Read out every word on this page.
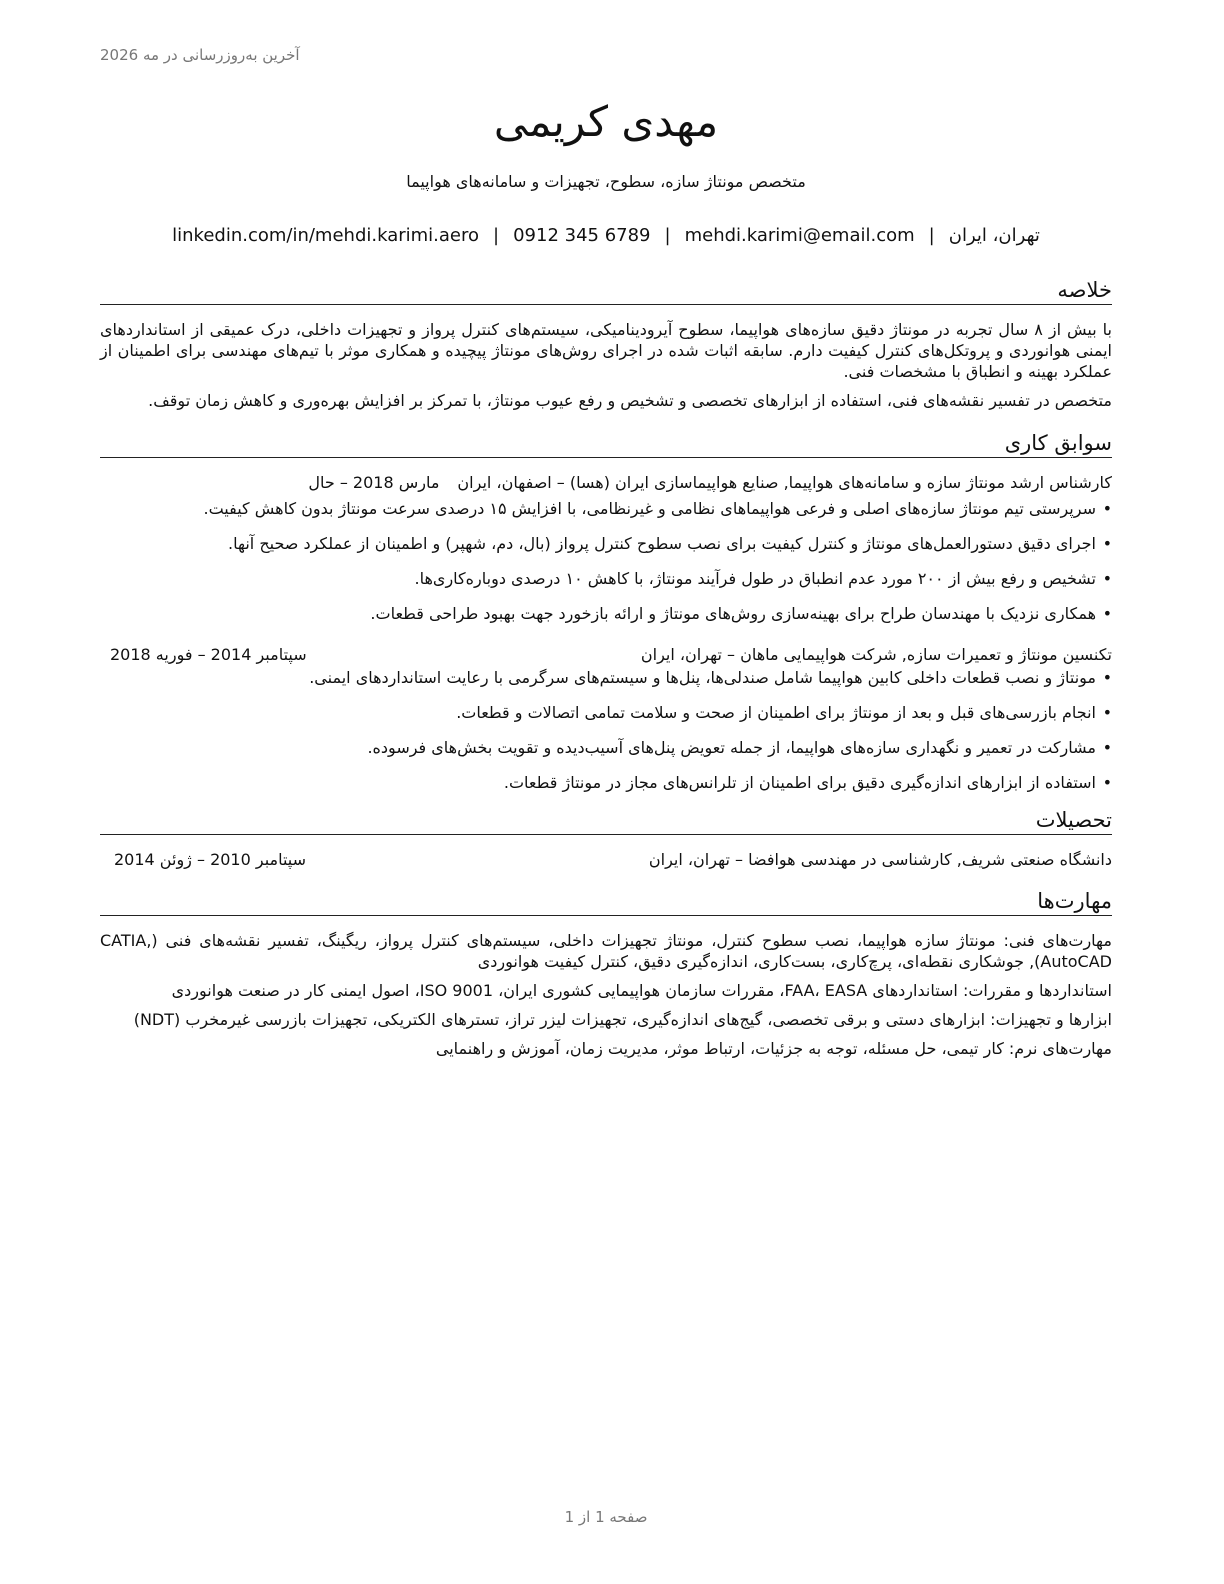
آخرین به‌روزرسانی در مه 2026
مهدی کریمی
متخصص مونتاژ سازه، سطوح، تجهیزات و سامانه‌های هواپیما
تهران، ایران|mehdi.karimi@email.com|0912 345 6789|linkedin.com/in/mehdi.karimi.aero
خلاصه

با بیش از ۸ سال تجربه در مونتاژ دقیق سازه‌های هواپیما، سطوح آیرودینامیکی، سیستم‌های کنترل پرواز و تجهیزات داخلی، درک عمیقی از استانداردهای ایمنی هوانوردی و پروتکل‌های کنترل کیفیت دارم. سابقه اثبات شده در اجرای روش‌های مونتاژ پیچیده و همکاری موثر با تیم‌های مهندسی برای اطمینان از عملکرد بهینه و انطباق با مشخصات فنی.

متخصص در تفسیر نقشه‌های فنی، استفاده از ابزارهای تخصصی و تشخیص و رفع عیوب مونتاژ، با تمرکز بر افزایش بهره‌وری و کاهش زمان توقف.

سوابق کاری
کارشناس ارشد مونتاژ سازه و سامانه‌های هواپیما, صنایع هواپیماسازی ایران (هسا) – اصفهان، ایران
مارس 2018 – حال
•سرپرستی تیم مونتاژ سازه‌های اصلی و فرعی هواپیماهای نظامی و غیرنظامی، با افزایش ۱۵ درصدی سرعت مونتاژ بدون کاهش کیفیت.
•اجرای دقیق دستورالعمل‌های مونتاژ و کنترل کیفیت برای نصب سطوح کنترل پرواز (بال، دم، شهپر) و اطمینان از عملکرد صحیح آنها.
•تشخیص و رفع بیش از ۲۰۰ مورد عدم انطباق در طول فرآیند مونتاژ، با کاهش ۱۰ درصدی دوباره‌کاری‌ها.
•همکاری نزدیک با مهندسان طراح برای بهینه‌سازی روش‌های مونتاژ و ارائه بازخورد جهت بهبود طراحی قطعات.
تکنسین مونتاژ و تعمیرات سازه, شرکت هواپیمایی ماهان – تهران، ایران
سپتامبر 2014 – فوریه 2018
•مونتاژ و نصب قطعات داخلی کابین هواپیما شامل صندلی‌ها، پنل‌ها و سیستم‌های سرگرمی با رعایت استانداردهای ایمنی.
•انجام بازرسی‌های قبل و بعد از مونتاژ برای اطمینان از صحت و سلامت تمامی اتصالات و قطعات.
•مشارکت در تعمیر و نگهداری سازه‌های هواپیما، از جمله تعویض پنل‌های آسیب‌دیده و تقویت بخش‌های فرسوده.
•استفاده از ابزارهای اندازه‌گیری دقیق برای اطمینان از تلرانس‌های مجاز در مونتاژ قطعات.
تحصیلات
دانشگاه صنعتی شریف, کارشناسی در مهندسی هوافضا – تهران، ایران
سپتامبر 2010 – ژوئن 2014
مهارت‌ها

مهارت‌های فنی: مونتاژ سازه هواپیما، نصب سطوح کنترل، مونتاژ تجهیزات داخلی، سیستم‌های کنترل پرواز، ریگینگ، تفسیر نقشه‌های فنی (CATIA, AutoCAD), جوشکاری نقطه‌ای، پرچ‌کاری، بست‌کاری، اندازه‌گیری دقیق، کنترل کیفیت هوانوردی

استانداردها و مقررات: استانداردهای FAA، EASA، مقررات سازمان هواپیمایی کشوری ایران، ISO 9001، اصول ایمنی کار در صنعت هوانوردی

ابزارها و تجهیزات: ابزارهای دستی و برقی تخصصی، گیج‌های اندازه‌گیری، تجهیزات لیزر تراز، تسترهای الکتریکی، تجهیزات بازرسی غیرمخرب (NDT)

مهارت‌های نرم: کار تیمی، حل مسئله، توجه به جزئیات، ارتباط موثر، مدیریت زمان، آموزش و راهنمایی

صفحه 1 از 1
